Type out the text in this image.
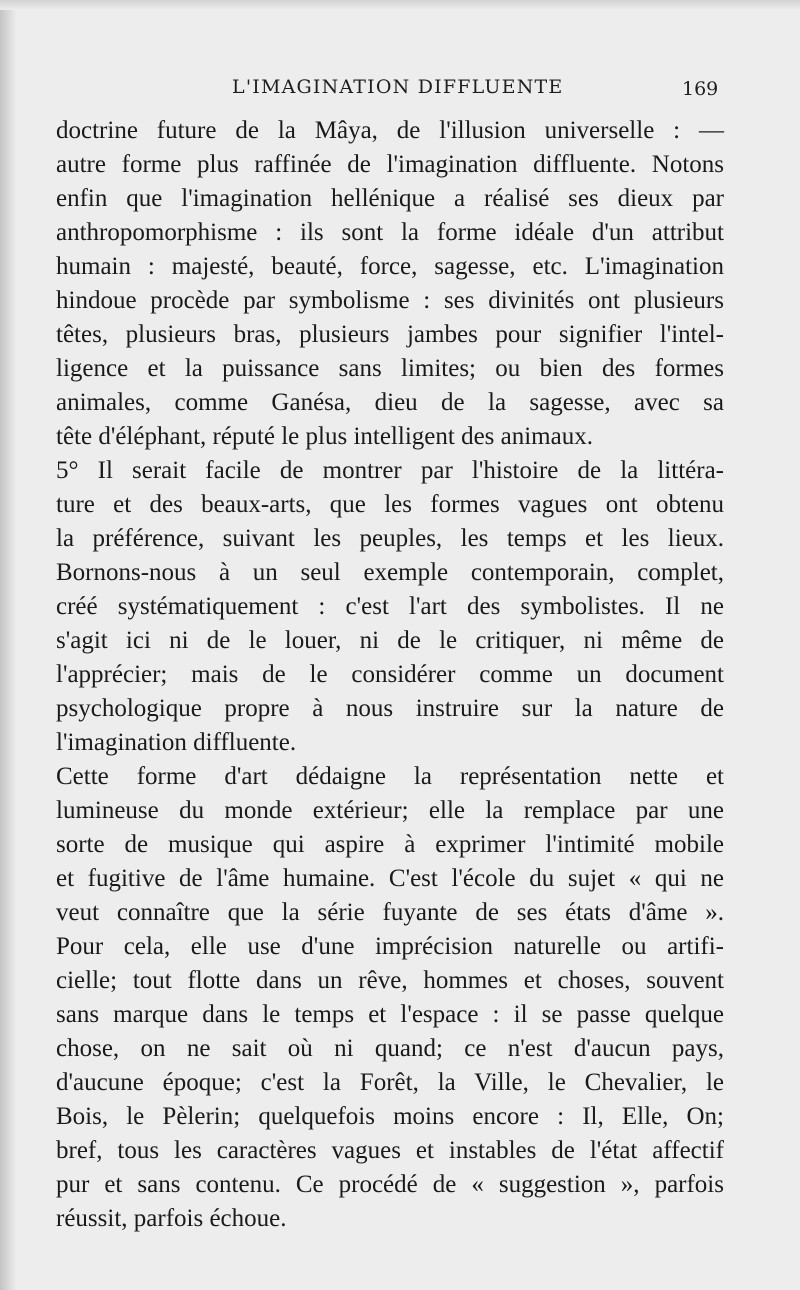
L'IMAGINATION DIFFLUENTE	169
doctrine future de la Mâya, de l'illusion universelle : —
autre forme plus raffinée de l'imagination diffluente. Notons
enfin que l'imagination hellénique a réalisé ses dieux par
anthropomorphisme : ils sont la forme idéale d'un attribut
humain : majesté, beauté, force, sagesse, etc. L'imagination
hindoue procède par symbolisme : ses divinités ont plusieurs
têtes, plusieurs bras, plusieurs jambes pour signifier l'intel-
ligence et la puissance sans limites; ou bien des formes
animales, comme Ganésa, dieu de la sagesse, avec sa
tête d'éléphant, réputé le plus intelligent des animaux.
5° Il serait facile de montrer par l'histoire de la littéra-
ture et des beaux-arts, que les formes vagues ont obtenu
la préférence, suivant les peuples, les temps et les lieux.
Bornons-nous à un seul exemple contemporain, complet,
créé systématiquement : c'est l'art des symbolistes. Il ne
s'agit ici ni de le louer, ni de le critiquer, ni même de
l'apprécier; mais de le considérer comme un document
psychologique propre à nous instruire sur la nature de
l'imagination diffluente.
Cette forme d'art dédaigne la représentation nette et
lumineuse du monde extérieur; elle la remplace par une
sorte de musique qui aspire à exprimer l'intimité mobile
et fugitive de l'âme humaine. C'est l'école du sujet « qui ne
veut connaître que la série fuyante de ses états d'âme ».
Pour cela, elle use d'une imprécision naturelle ou artifi-
cielle; tout flotte dans un rêve, hommes et choses, souvent
sans marque dans le temps et l'espace : il se passe quelque
chose, on ne sait où ni quand; ce n'est d'aucun pays,
d'aucune époque; c'est la Forêt, la Ville, le Chevalier, le
Bois, le Pèlerin; quelquefois moins encore : Il, Elle, On;
bref, tous les caractères vagues et instables de l'état affectif
pur et sans contenu. Ce procédé de « suggestion », parfois
réussit, parfois échoue.
